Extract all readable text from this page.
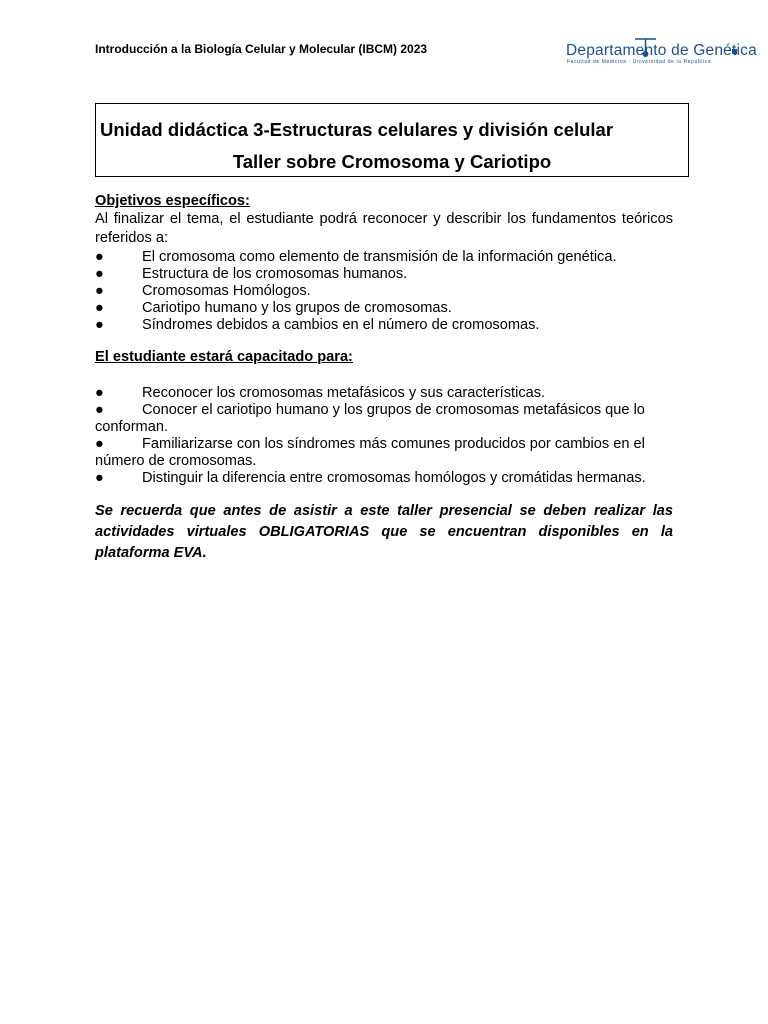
Introducción a la Biología Celular y Molecular (IBCM) 2023	Departamento de Genética
Facultad de Medicina · Universidad de la República
Unidad didáctica 3-Estructuras celulares y división celular
Taller sobre Cromosoma y Cariotipo
Objetivos específicos:

Al finalizar el tema, el estudiante podrá reconocer y describir los fundamentos teóricos referidos a:

●	El cromosoma como elemento de transmisión de la información genética.
●	Estructura de los cromosomas humanos.
●	Cromosomas Homólogos.
●	Cariotipo humano y los grupos de cromosomas.
●	Síndromes debidos a cambios en el número de cromosomas.
El estudiante estará capacitado para:
●	Reconocer los cromosomas metafásicos y sus características.
●	Conocer el cariotipo humano y los grupos de cromosomas metafásicos que lo conforman.
●	Familiarizarse con los síndromes más comunes producidos por cambios en el número de cromosomas.
●	Distinguir la diferencia entre cromosomas homólogos y cromátidas hermanas.

Se recuerda que antes de asistir a este taller presencial se deben realizar las actividades virtuales OBLIGATORIAS que se encuentran disponibles en la plataforma EVA.
